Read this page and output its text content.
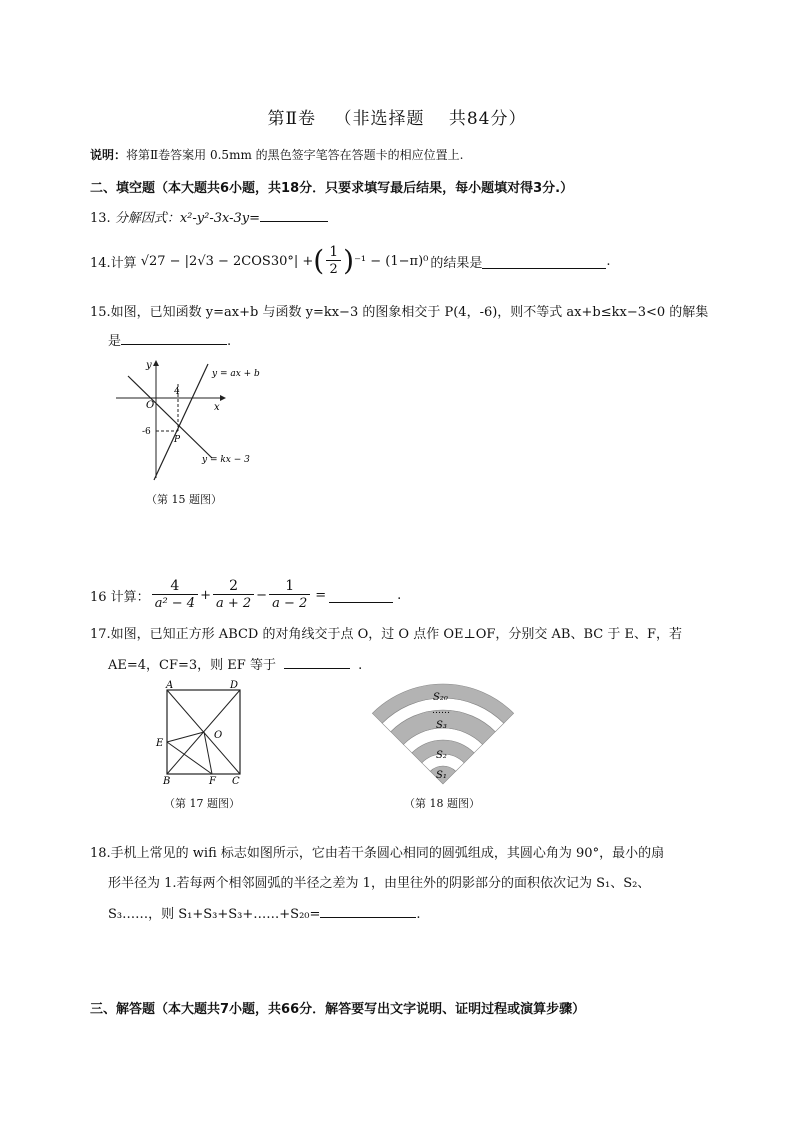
第Ⅱ卷 （非选择题　 共84分）
说明：将第Ⅱ卷答案用 0.5mm 的黑色签字笔答在答题卡的相应位置上.
二、填空题（本大题共6小题，共18分．只要求填写最后结果，每小题填对得3分.）
13. 分解因式：x²-y²-3x-3y=
14.计算 √27 − |2√3 − 2COS30°| + ( $\frac{1}{2}$ ) ⁻¹ − (1−π)⁰ 的结果是	.
15.如图，已知函数 y=ax+b 与函数 y=kx−3 的图象相交于 P(4，-6)，则不等式 ax+b≤kx−3<0 的解集
是	.
y
x
O
4
-6
P
y = ax + b
y = kx − 3
（第 15 题图）
16 计算： $\frac{4}{\text{a² − 4}} + \frac{2}{a + 2} - \frac{1}{a - 2}$ =	.
17.如图，已知正方形 ABCD 的对角线交于点 O，过 O 点作 OE⊥OF，分别交 AB、BC 于 E、F，若
AE=4，CF=3，则 EF 等于	.
A	D
B	C
E
F
O
（第 17 题图）
S₂₀
……
S₃
S₂
S₁
（第 18 题图）
18.手机上常见的 wifi 标志如图所示，它由若干条圆心相同的圆弧组成，其圆心角为 90°，最小的扇
形半径为 1.若每两个相邻圆弧的半径之差为 1，由里往外的阴影部分的面积依次记为 S₁、S₂、
S₃……，则 S₁+S₃+S₃+……+S₂₀=	.
三、解答题（本大题共7小题，共66分．解答要写出文字说明、证明过程或演算步骤）
